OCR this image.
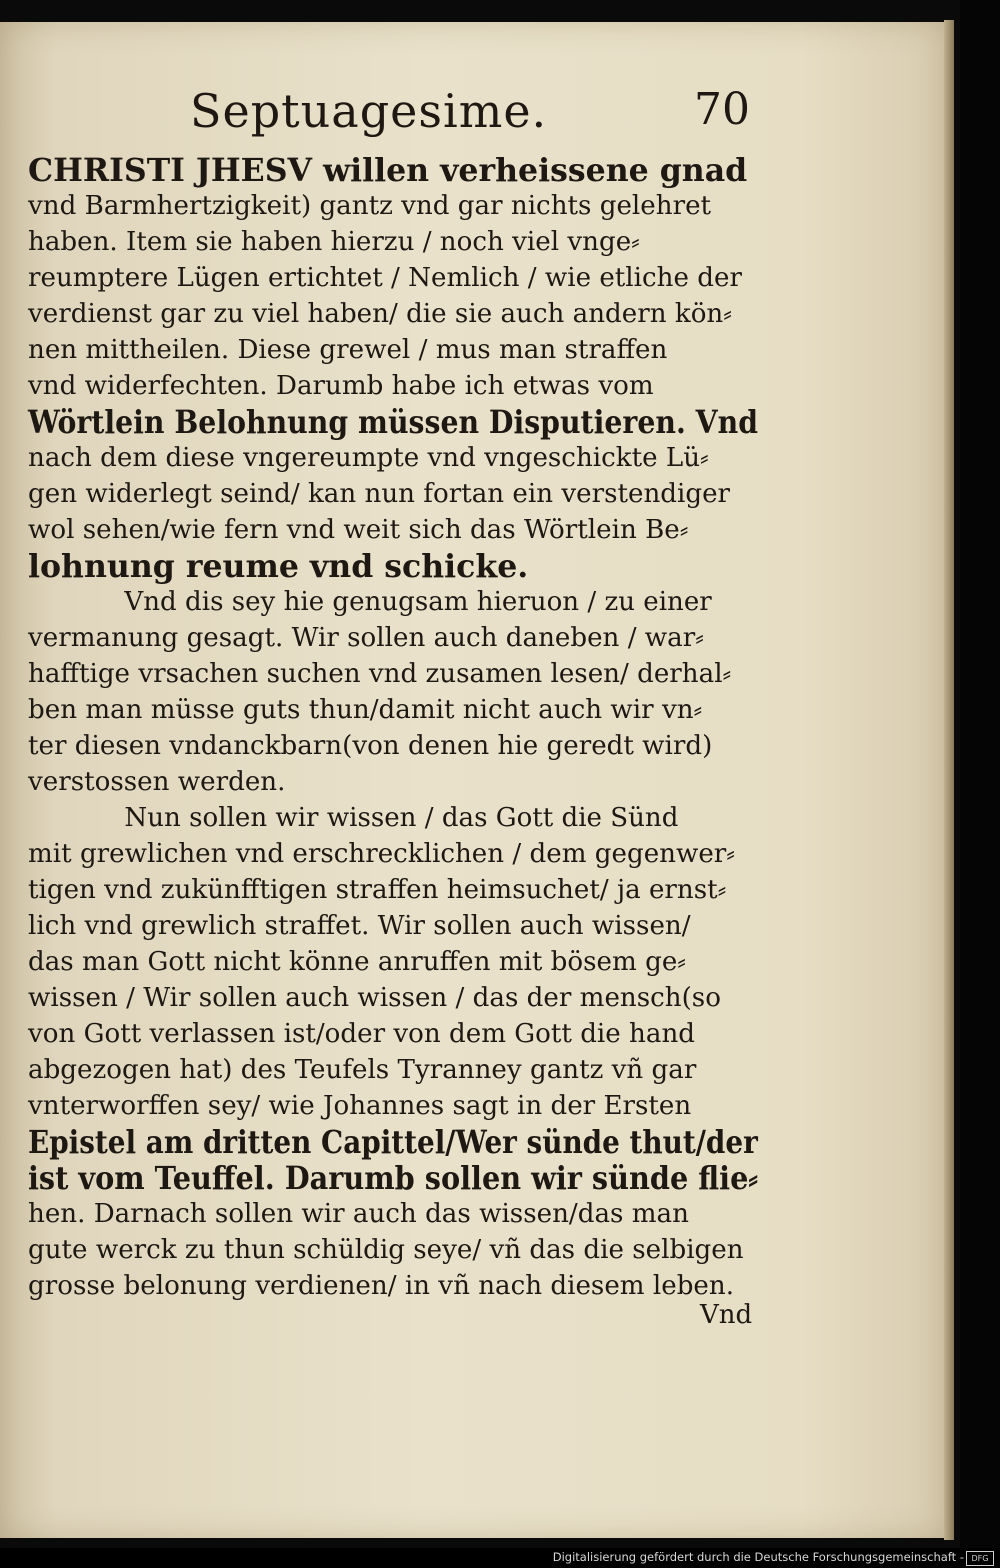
Septuagesime.	70
CHRISTI JHESV willen verheissene gnad
vnd Barmhertzigkeit) gantz vnd gar nichts gelehret
haben. Item sie haben hierzu / noch viel vnge⸗
reumptere Lügen ertichtet / Nemlich / wie etliche der
verdienst gar zu viel haben/ die sie auch andern kön⸗
nen mittheilen. Diese grewel / mus man straffen
vnd widerfechten. Darumb habe ich etwas vom
Wörtlein Belohnung müssen Disputieren. Vnd
nach dem diese vngereumpte vnd vngeschickte Lü⸗
gen widerlegt seind/ kan nun fortan ein verstendiger
wol sehen/wie fern vnd weit sich das Wörtlein Be⸗
lohnung reume vnd schicke.
Vnd dis sey hie genugsam hieruon / zu einer
vermanung gesagt. Wir sollen auch daneben / war⸗
hafftige vrsachen suchen vnd zusamen lesen/ derhal⸗
ben man müsse guts thun/damit nicht auch wir vn⸗
ter diesen vndanckbarn(von denen hie geredt wird)
verstossen werden.
Nun sollen wir wissen / das Gott die Sünd
mit grewlichen vnd erschrecklichen / dem gegenwer⸗
tigen vnd zukünfftigen straffen heimsuchet/ ja ernst⸗
lich vnd grewlich straffet. Wir sollen auch wissen/
das man Gott nicht könne anruffen mit bösem ge⸗
wissen / Wir sollen auch wissen / das der mensch(so
von Gott verlassen ist/oder von dem Gott die hand
abgezogen hat) des Teufels Tyranney gantz vñ gar
vnterworffen sey/ wie Johannes sagt in der Ersten
Epistel am dritten Capittel/Wer sünde thut/der
ist vom Teuffel. Darumb sollen wir sünde flie⸗
hen. Darnach sollen wir auch das wissen/das man
gute werck zu thun schüldig seye/ vñ das die selbigen
grosse belonung verdienen/ in vñ nach diesem leben.
Vnd
Digitalisierung gefördert durch die Deutsche Forschungsgemeinschaft - DFG
